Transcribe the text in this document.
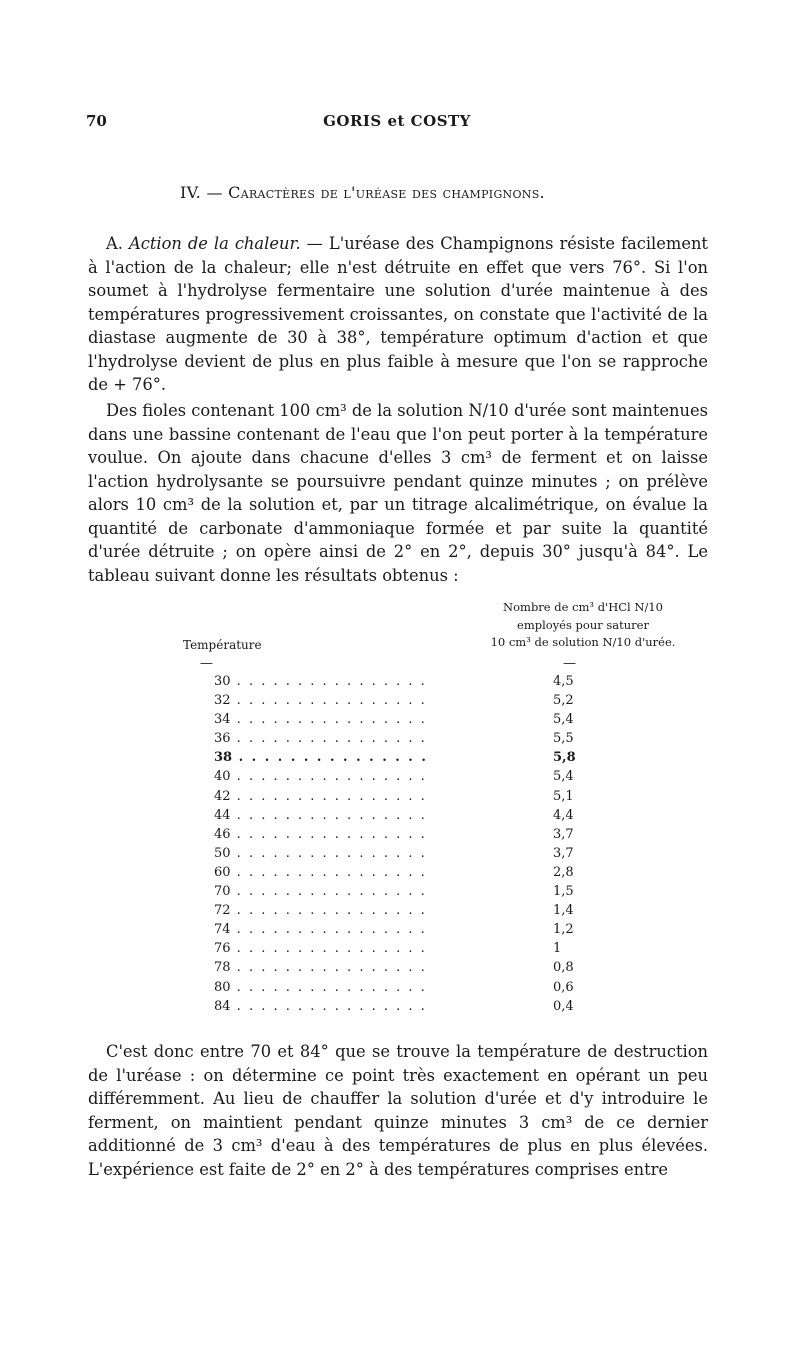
70	GORIS et COSTY
IV. — Caractères de l'uréase des champignons.

A. Action de la chaleur. — L'uréase des Champignons résiste facilement à l'action de la chaleur; elle n'est détruite en effet que vers 76°. Si l'on soumet à l'hydrolyse fermentaire une solution d'urée maintenue à des températures progressivement croissantes, on constate que l'activité de la diastase augmente de 30 à 38°, température optimum d'action et que l'hydrolyse devient de plus en plus faible à mesure que l'on se rapproche de + 76°.

Des fioles contenant 100 cm³ de la solution N/10 d'urée sont maintenues dans une bassine contenant de l'eau que l'on peut porter à la température voulue. On ajoute dans chacune d'elles 3 cm³ de ferment et on laisse l'action hydrolysante se poursuivre pendant quinze minutes ; on prélève alors 10 cm³ de la solution et, par un titrage alcalimétrique, on évalue la quantité de carbonate d'ammoniaque formée et par suite la quantité d'urée détruite ; on opère ainsi de 2° en 2°, depuis 30° jusqu'à 84°. Le tableau suivant donne les résultats obtenus :

Nombre de cm³ d'HCl N/10
employés pour saturer
10 cm³ de solution N/10 d'urée.
Température
—	—
30 . . .	4,5
32 . . .	5,2
34 . . .	5,4
36 . . .	5,5
38 . . .	5,8
40 . . .	5,4
42 . . .	5,1
44 . . .	4,4
46 . . .	3,7
50 . . .	3,7
60 . . .	2,8
70 . . .	1,5
72 . . .	1,4
74 . . .	1,2
76 . . .	1
78 . . .	0,8
80 . . .	0,6
84 . . .	0,4

C'est donc entre 70 et 84° que se trouve la température de destruction de l'uréase : on détermine ce point très exactement en opérant un peu différemment. Au lieu de chauffer la solution d'urée et d'y introduire le ferment, on maintient pendant quinze minutes 3 cm³ de ce dernier additionné de 3 cm³ d'eau à des températures de plus en plus élevées. L'expérience est faite de 2° en 2° à des températures comprises entre
